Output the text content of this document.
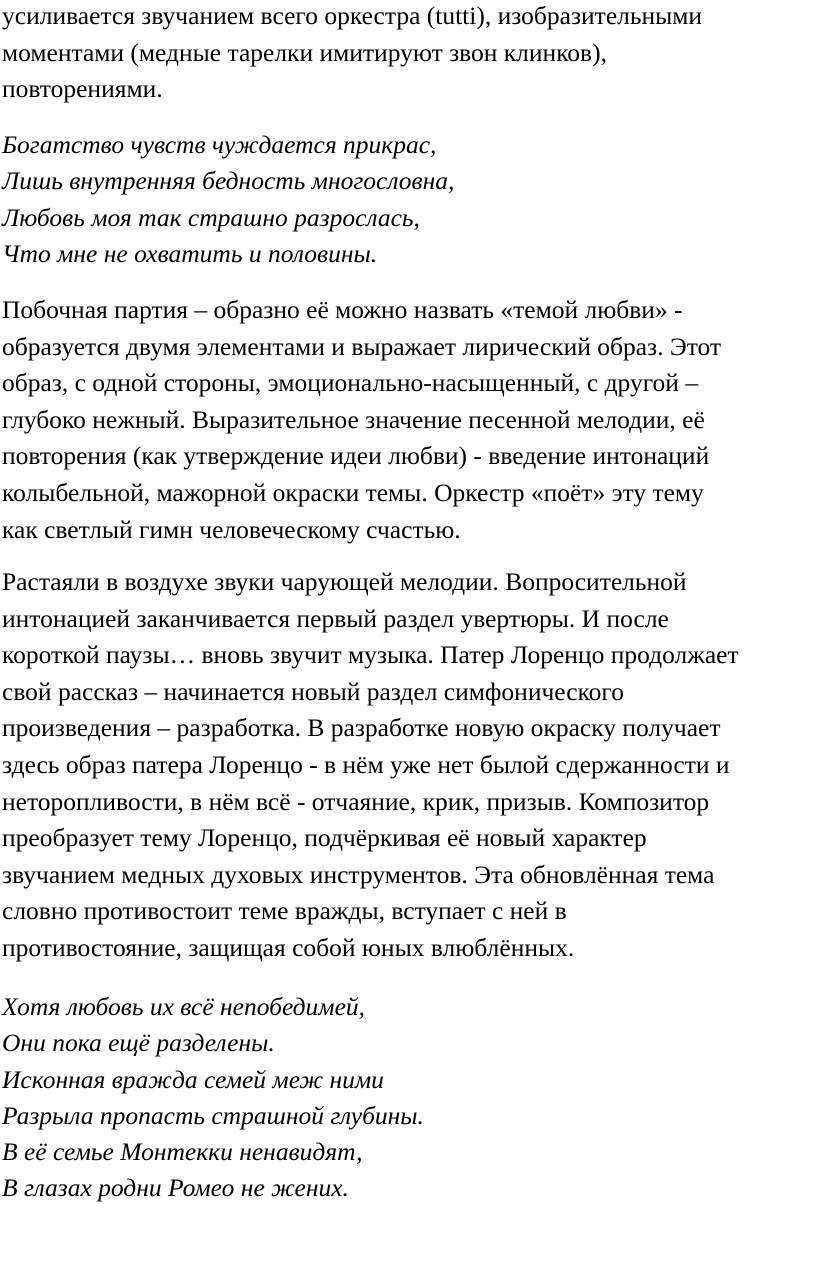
усиливается звучанием всего оркестра (tutti), изобразительными
моментами (медные тарелки имитируют звон клинков),
повторениями.

Богатство чувств чуждается прикрас,
Лишь внутренняя бедность многословна,
Любовь моя так страшно разрослась,
Что мне не охватить и половины.

Побочная партия – образно её можно назвать «темой любви» -
образуется двумя элементами и выражает лирический образ. Этот
образ, с одной стороны, эмоционально-насыщенный, с другой –
глубоко нежный. Выразительное значение песенной мелодии, её
повторения (как утверждение идеи любви) - введение интонаций
колыбельной, мажорной окраски темы. Оркестр «поёт» эту тему
как светлый гимн человеческому счастью.

Растаяли в воздухе звуки чарующей мелодии. Вопросительной
интонацией заканчивается первый раздел увертюры. И после
короткой паузы… вновь звучит музыка. Патер Лоренцо продолжает
свой рассказ – начинается новый раздел симфонического
произведения – разработка. В разработке новую окраску получает
здесь образ патера Лоренцо - в нём уже нет былой сдержанности и
неторопливости, в нём всё - отчаяние, крик, призыв. Композитор
преобразует тему Лоренцо, подчёркивая её новый характер
звучанием медных духовых инструментов. Эта обновлённая тема
словно противостоит теме вражды, вступает с ней в
противостояние, защищая собой юных влюблённых.

Хотя любовь их всё непобедимей,
Они пока ещё разделены.
Исконная вражда семей меж ними
Разрыла пропасть страшной глубины.
В её семье Монтекки ненавидят,
В глазах родни Ромео не жених.
